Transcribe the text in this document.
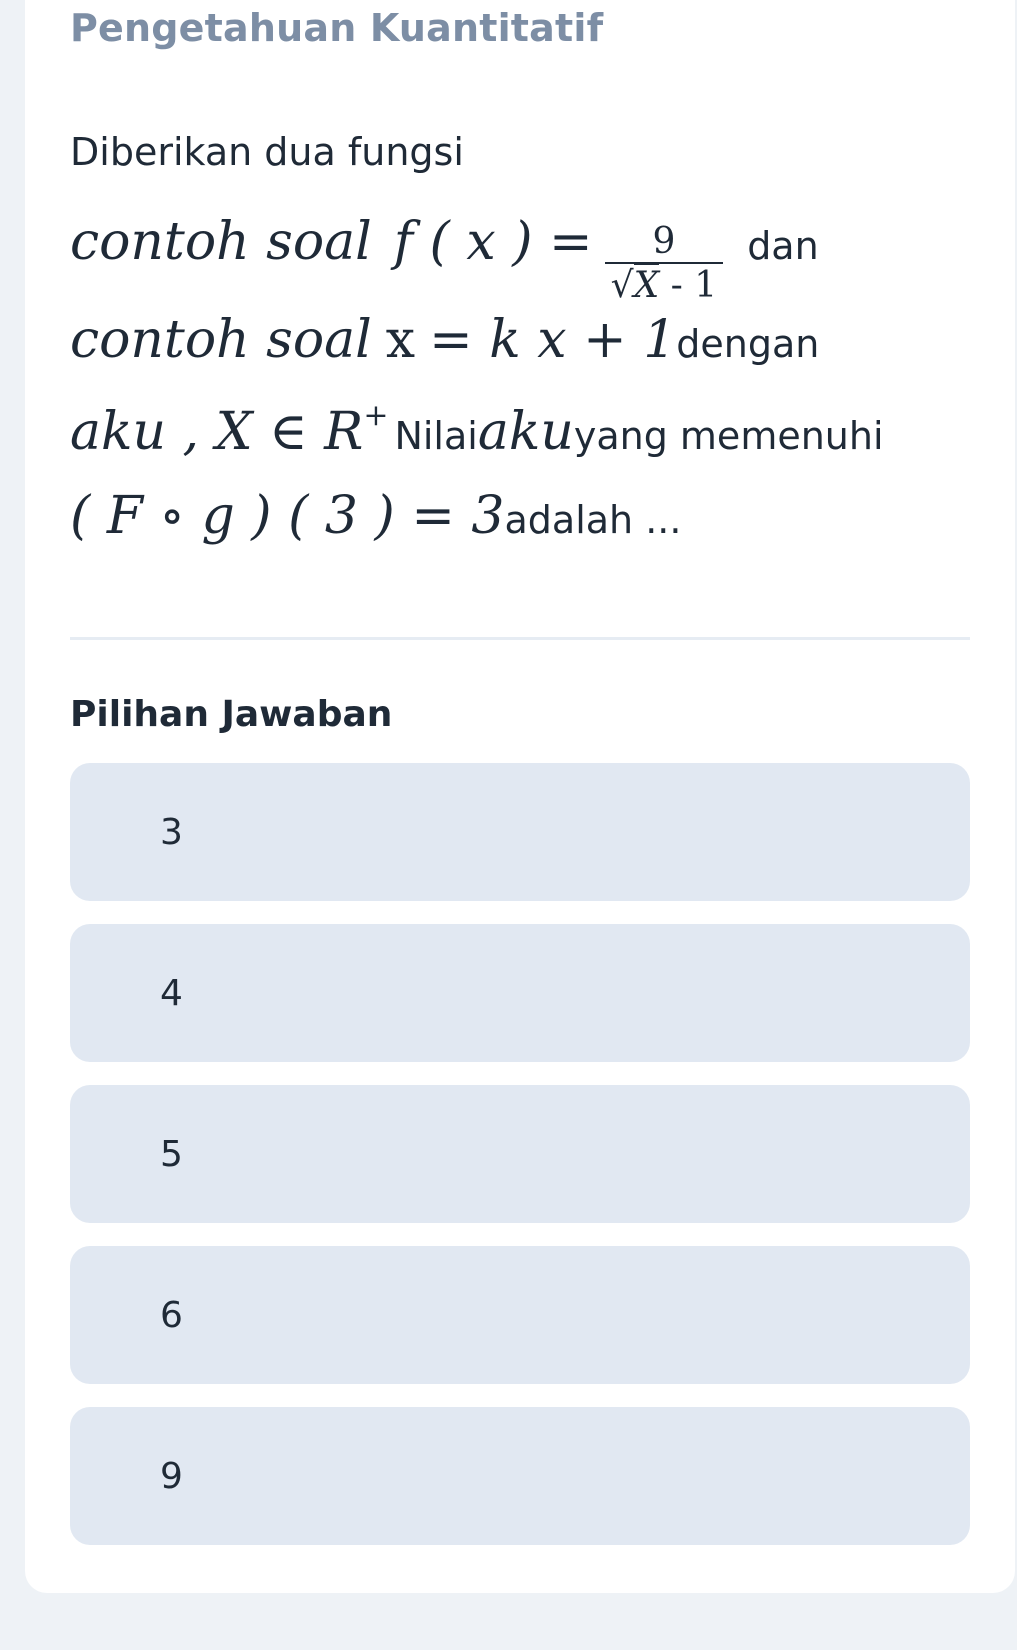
Pengetahuan Kuantitatif
Diberikan dua fungsi
contoh soal f ( x ) = $\frac{9}{√X - 1}$ dan
contoh soal x = k x + 1 dengan
aku , X ∈ R + Nilai aku yang memenuhi
( F ∘ g ) ( 3 ) = 3 adalah ...
Pilihan Jawaban
3
4
5
6
9
